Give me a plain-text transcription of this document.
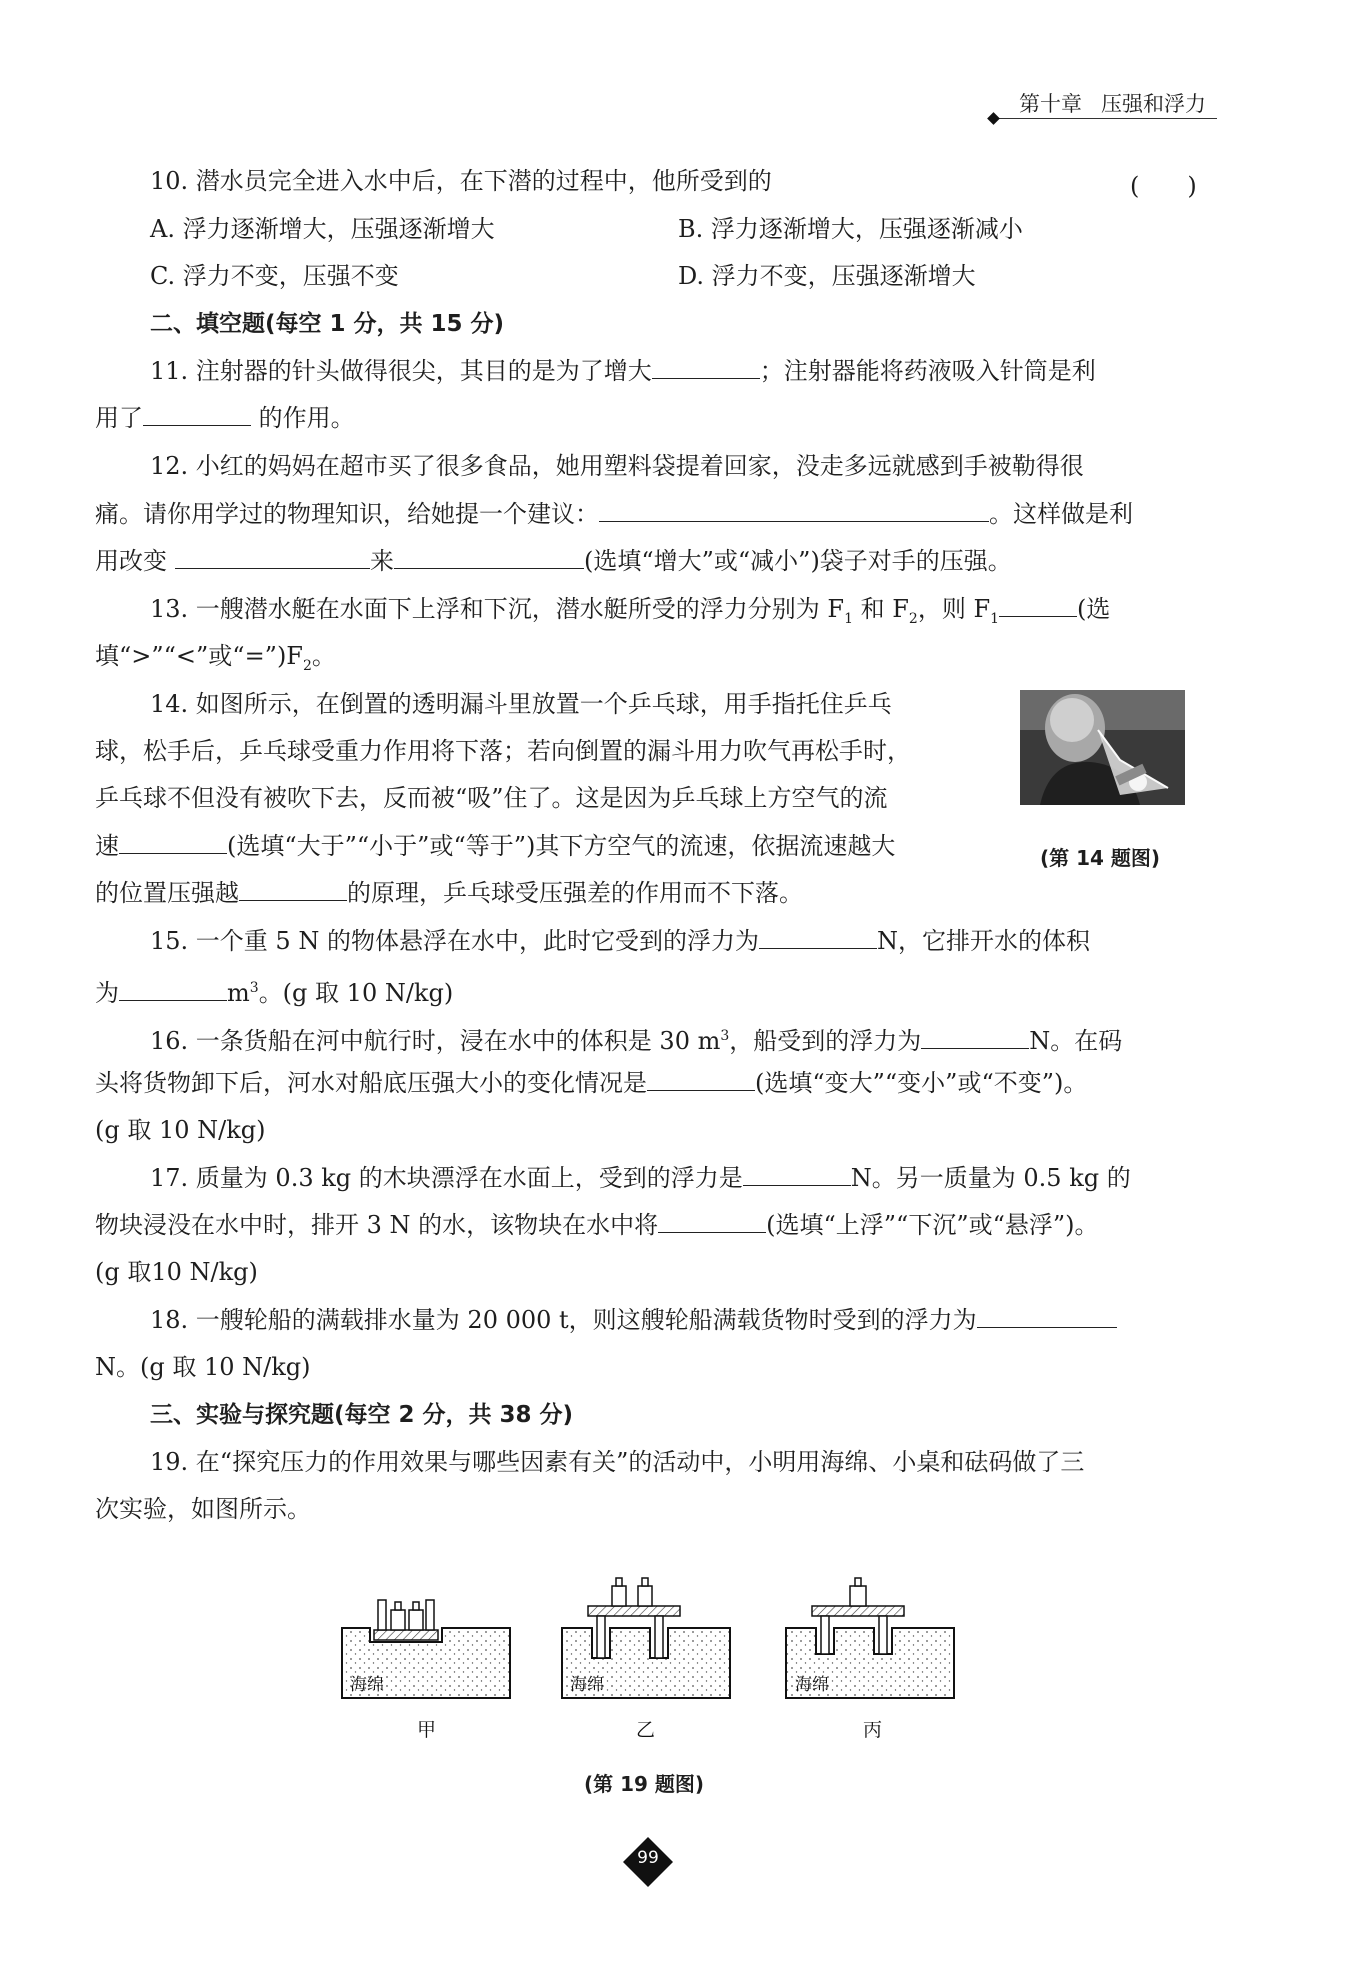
第十章 压强和浮力
10. 潜水员完全进入水中后，在下潜的过程中，他所受到的	(　　)
A. 浮力逐渐增大，压强逐渐增大	B. 浮力逐渐增大，压强逐渐减小
C. 浮力不变，压强不变	D. 浮力不变，压强逐渐增大
二、填空题(每空 1 分，共 15 分)
11. 注射器的针头做得很尖，其目的是为了增大	；注射器能将药液吸入针筒是利
用了	的作用。
12. 小红的妈妈在超市买了很多食品，她用塑料袋提着回家，没走多远就感到手被勒得很
痛。请你用学过的物理知识，给她提一个建议：	。这样做是利
用改变	来	(选填“增大”或“减小”)袋子对手的压强。
13. 一艘潜水艇在水面下上浮和下沉，潜水艇所受的浮力分别为 $F_1$ 和 $F_2$，则 $F_1$	(选
填“>”“<”或“$=”)F_2$。
14. 如图所示，在倒置的透明漏斗里放置一个乒乓球，用手指托住乒乓
球，松手后，乒乓球受重力作用将下落；若向倒置的漏斗用力吹气再松手时，
乒乓球不但没有被吹下去，反而被“吸”住了。这是因为乒乓球上方空气的流
速	(选填“大于”“小于”或“等于”)其下方空气的流速，依据流速越大
的位置压强越	的原理，乒乓球受压强差的作用而不下落。
(第 14 题图)
15. 一个重 5 N 的物体悬浮在水中，此时它受到的浮力为	N，它排开水的体积
为	$m^3$。(g 取 10 N/kg)
16. 一条货船在河中航行时，浸在水中的体积是 30 $m^3$，船受到的浮力为	N。在码
头将货物卸下后，河水对船底压强大小的变化情况是	(选填“变大”“变小”或“不变”)。
(g 取 10 N/kg)
17. 质量为 0.3 kg 的木块漂浮在水面上，受到的浮力是	N。另一质量为 0.5 kg 的
物块浸没在水中时，排开 3 N 的水，该物块在水中将	(选填“上浮”“下沉”或“悬浮”)。
(g 取10 N/kg)
18. 一艘轮船的满载排水量为 20 000 t，则这艘轮船满载货物时受到的浮力为
N。(g 取 10 N/kg)
三、实验与探究题(每空 2 分，共 38 分)
19. 在“探究压力的作用效果与哪些因素有关”的活动中，小明用海绵、小桌和砝码做了三
次实验，如图所示。
海绵
甲
海绵
乙
海绵
丙
(第 19 题图)
99
